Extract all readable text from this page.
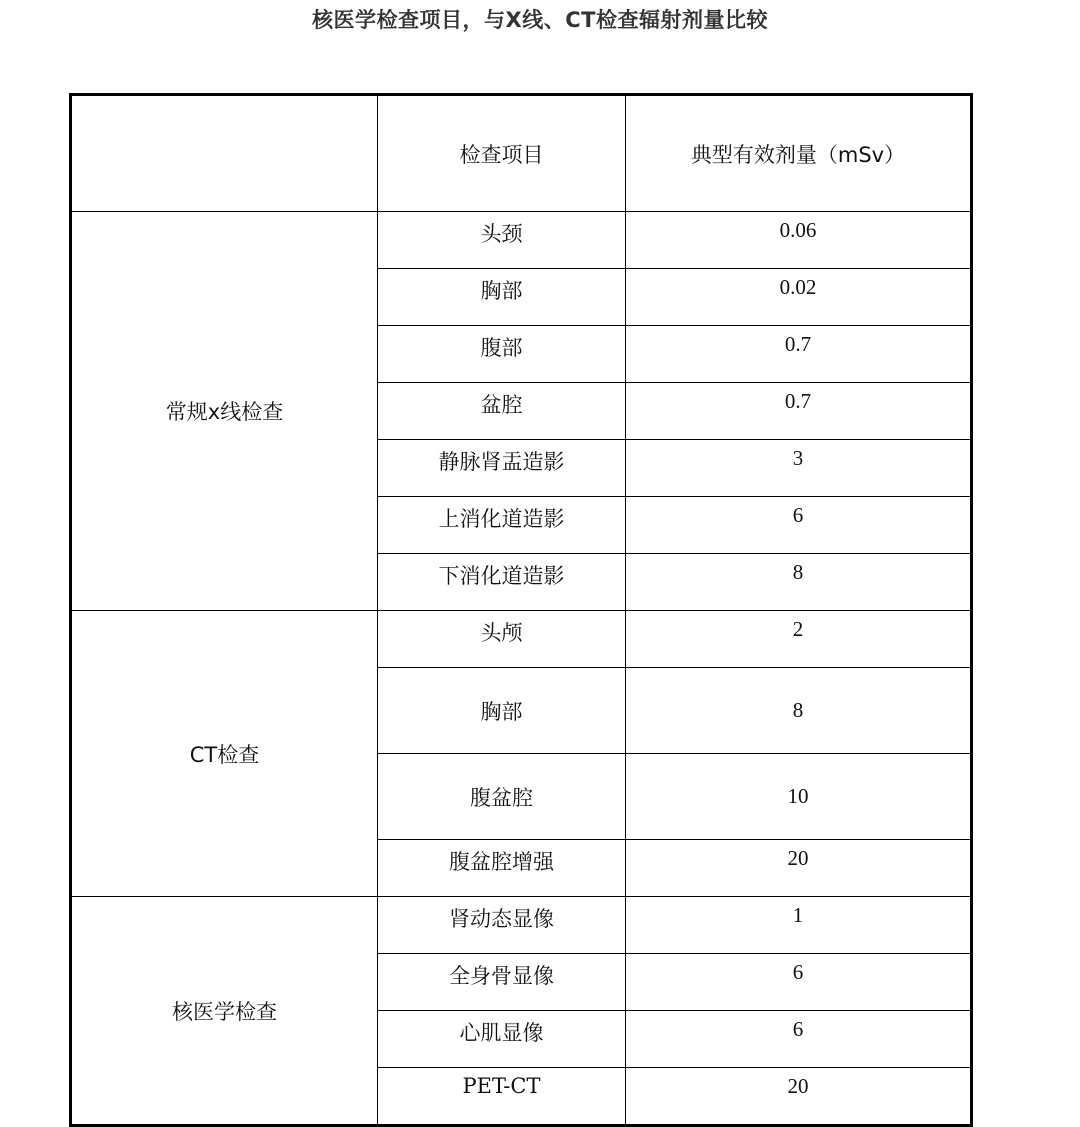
核医学检查项目，与X线、CT检查辐射剂量比较
	检查项目	典型有效剂量（mSv）
常规x线检查	头颈	0.06
	胸部	0.02
	腹部	0.7
	盆腔	0.7
	静脉肾盂造影	3
	上消化道造影	6
	下消化道造影	8
CT检查	头颅	2
	胸部	8
	腹盆腔	10
	腹盆腔增强	20
核医学检查	肾动态显像	1
	全身骨显像	6
	心肌显像	6
	PET-CT	20
